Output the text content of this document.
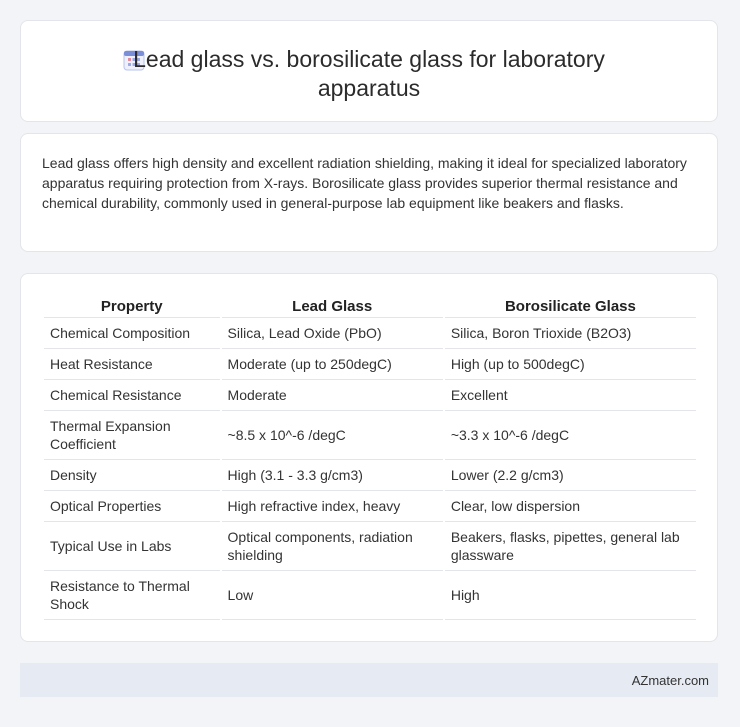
Lead glass vs. borosilicate glass for laboratory apparatus
Lead glass offers high density and excellent radiation shielding, making it ideal for specialized laboratory apparatus requiring protection from X-rays. Borosilicate glass provides superior thermal resistance and chemical durability, commonly used in general-purpose lab equipment like beakers and flasks.
Property	Lead Glass	Borosilicate Glass
Chemical Composition	Silica, Lead Oxide (PbO)	Silica, Boron Trioxide (B2O3)
Heat Resistance	Moderate (up to 250degC)	High (up to 500degC)
Chemical Resistance	Moderate	Excellent
Thermal Expansion Coefficient	~8.5 x 10^-6 /degC	~3.3 x 10^-6 /degC
Density	High (3.1 - 3.3 g/cm3)	Lower (2.2 g/cm3)
Optical Properties	High refractive index, heavy	Clear, low dispersion
Typical Use in Labs	Optical components, radiation shielding	Beakers, flasks, pipettes, general lab glassware
Resistance to Thermal Shock	Low	High
AZmater.com
